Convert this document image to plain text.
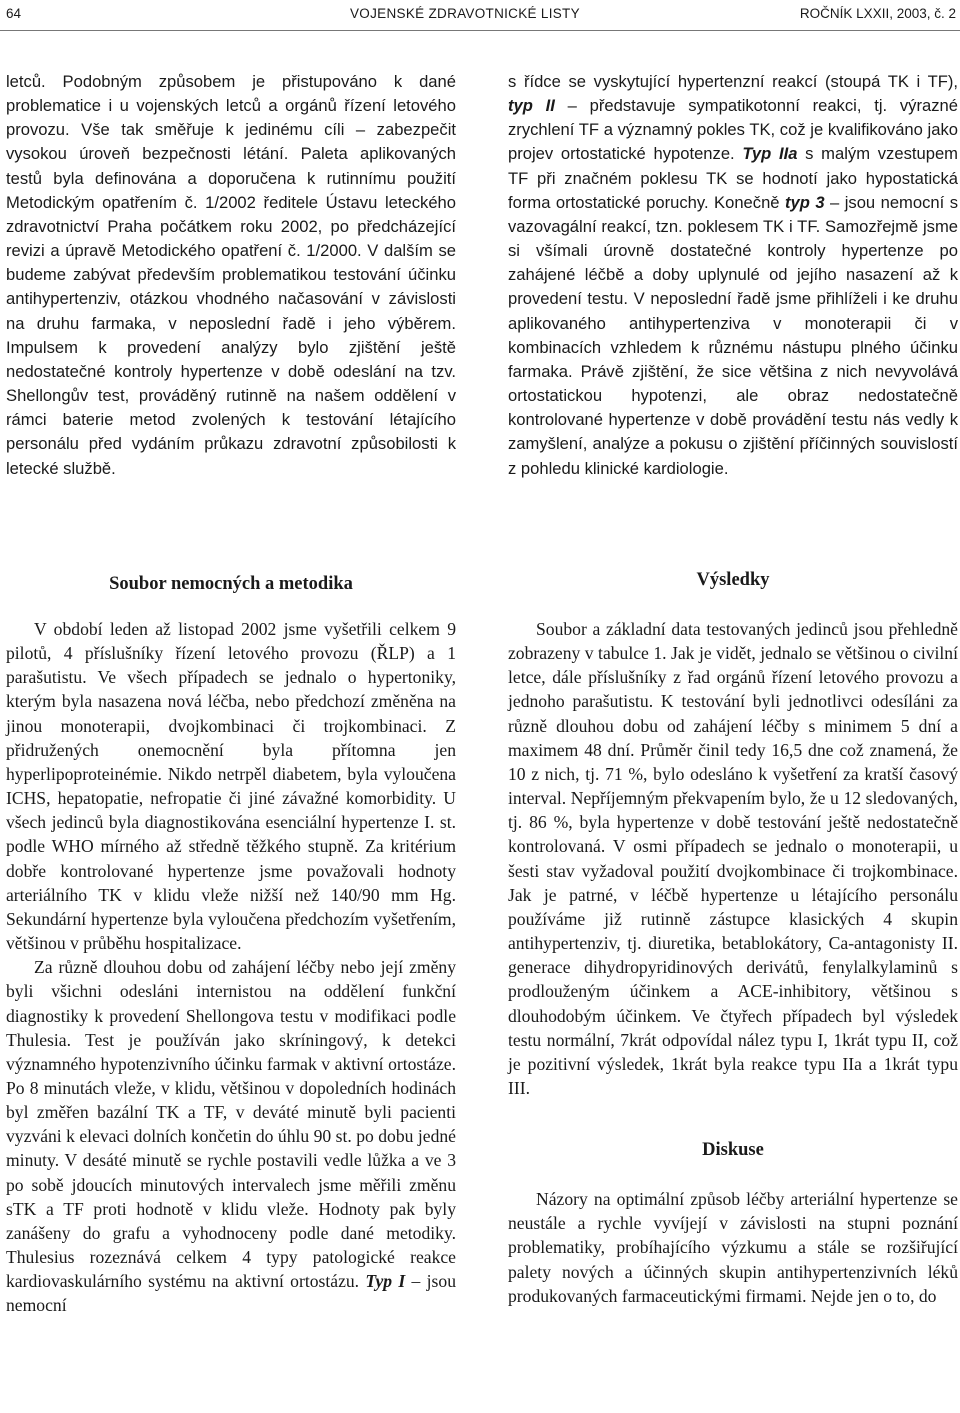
64	VOJENSKÉ ZDRAVOTNICKÉ LISTY	ROČNÍK LXXII, 2003, č. 2

letců. Podobným způsobem je přistupováno k dané problematice i u vojenských letců a orgánů řízení letového provozu. Vše tak směřuje k jedinému cíli – zabezpečit vysokou úroveň bezpečnosti létání. Paleta aplikovaných testů byla definována a doporučena k rutinnímu použití Metodickým opatřením č. 1/2002 ředitele Ústavu leteckého zdravotnictví Praha počátkem roku 2002, po předcházející revizi a úpravě Metodického opatření č. 1/2000. V dalším se budeme zabývat především problematikou testování účinku antihypertenziv, otázkou vhodného načasování v závislosti na druhu farmaka, v neposlední řadě i jeho výběrem. Impulsem k provedení analýzy bylo zjištění ještě nedostatečné kontroly hypertenze v době odeslání na tzv. Shellongův test, prováděný rutinně na našem oddělení v rámci baterie metod zvolených k testování létajícího personálu před vydáním průkazu zdravotní způsobilosti k letecké službě.

s řídce se vyskytující hypertenzní reakcí (stoupá TK i TF), typ II – představuje sympatikotonní reakci, tj. výrazné zrychlení TF a významný pokles TK, což je kvalifikováno jako projev ortostatické hypotenze. Typ IIa s malým vzestupem TF při značném poklesu TK se hodnotí jako hypostatická forma ortostatické poruchy. Konečně typ 3 – jsou nemocní s vazovagální reakcí, tzn. poklesem TK i TF. Samozřejmě jsme si všímali úrovně dostatečné kontroly hypertenze po zahájené léčbě a doby uplynulé od jejího nasazení až k provedení testu. V neposlední řadě jsme přihlíželi i ke druhu aplikovaného antihypertenziva v monoterapii či v kombinacích vzhledem k různému nástupu plného účinku farmaka. Právě zjištění, že sice většina z nich nevyvolává ortostatickou hypotenzi, ale obraz nedostatečně kontrolované hypertenze v době provádění testu nás vedly k zamyšlení, analýze a pokusu o zjištění příčinných souvislostí z pohledu klinické kardiologie.

Soubor nemocných a metodika

V období leden až listopad 2002 jsme vyšetřili celkem 9 pilotů, 4 příslušníky řízení letového provozu (ŘLP) a 1 parašutistu. Ve všech případech se jednalo o hypertoniky, kterým byla nasazena nová léčba, nebo předchozí změněna na jinou monoterapii, dvojkombinaci či trojkombinaci. Z přidružených onemocnění byla přítomna jen hyperlipoproteinémie. Nikdo netrpěl diabetem, byla vyloučena ICHS, hepatopatie, nefropatie či jiné závažné komorbidity. U všech jedinců byla diagnostikována esenciální hypertenze I. st. podle WHO mírného až středně těžkého stupně. Za kritérium dobře kontrolované hypertenze jsme považovali hodnoty arteriálního TK v klidu vleže nižší než 140/90 mm Hg. Sekundární hypertenze byla vyloučena předchozím vyšetřením, většinou v průběhu hospitalizace.

Za různě dlouhou dobu od zahájení léčby nebo její změny byli všichni odesláni internistou na oddělení funkční diagnostiky k provedení Shellongova testu v modifikaci podle Thulesia. Test je používán jako skríningový, k detekci významného hypotenzivního účinku farmak v aktivní ortostáze. Po 8 minutách vleže, v klidu, většinou v dopoledních hodinách byl změřen bazální TK a TF, v deváté minutě byli pacienti vyzváni k elevaci dolních končetin do úhlu 90 st. po dobu jedné minuty. V desáté minutě se rychle postavili vedle lůžka a ve 3 po sobě jdoucích minutových intervalech jsme měřili změnu sTK a TF proti hodnotě v klidu vleže. Hodnoty pak byly zanášeny do grafu a vyhodnoceny podle dané metodiky. Thulesius rozeznává celkem 4 typy patologické reakce kardiovaskulárního systému na aktivní ortostázu. Typ I – jsou nemocní

Výsledky

Soubor a základní data testovaných jedinců jsou přehledně zobrazeny v tabulce 1. Jak je vidět, jednalo se většinou o civilní letce, dále příslušníky z řad orgánů řízení letového provozu a jednoho parašutistu. K testování byli jednotlivci odesíláni za různě dlouhou dobu od zahájení léčby s minimem 5 dní a maximem 48 dní. Průměr činil tedy 16,5 dne což znamená, že 10 z nich, tj. 71 %, bylo odesláno k vyšetření za kratší časový interval. Nepříjemným překvapením bylo, že u 12 sledovaných, tj. 86 %, byla hypertenze v době testování ještě nedostatečně kontrolovaná. V osmi případech se jednalo o monoterapii, u šesti stav vyžadoval použití dvojkombinace či trojkombinace. Jak je patrné, v léčbě hypertenze u létajícího personálu používáme již rutinně zástupce klasických 4 skupin antihypertenziv, tj. diuretika, betablokátory, Ca-antagonisty II. generace dihydropyridinových derivátů, fenylalkylaminů s prodlouženým účinkem a ACE-inhibitory, většinou s dlouhodobým účinkem. Ve čtyřech případech byl výsledek testu normální, 7krát odpovídal nález typu I, 1krát typu II, což je pozitivní výsledek, 1krát byla reakce typu IIa a 1krát typu III.

Diskuse

Názory na optimální způsob léčby arteriální hypertenze se neustále a rychle vyvíjejí v závislosti na stupni poznání problematiky, probíhajícího výzkumu a stále se rozšiřující palety nových a účinných skupin antihypertenzivních léků produkovaných farmaceutickými firmami. Nejde jen o to, do
